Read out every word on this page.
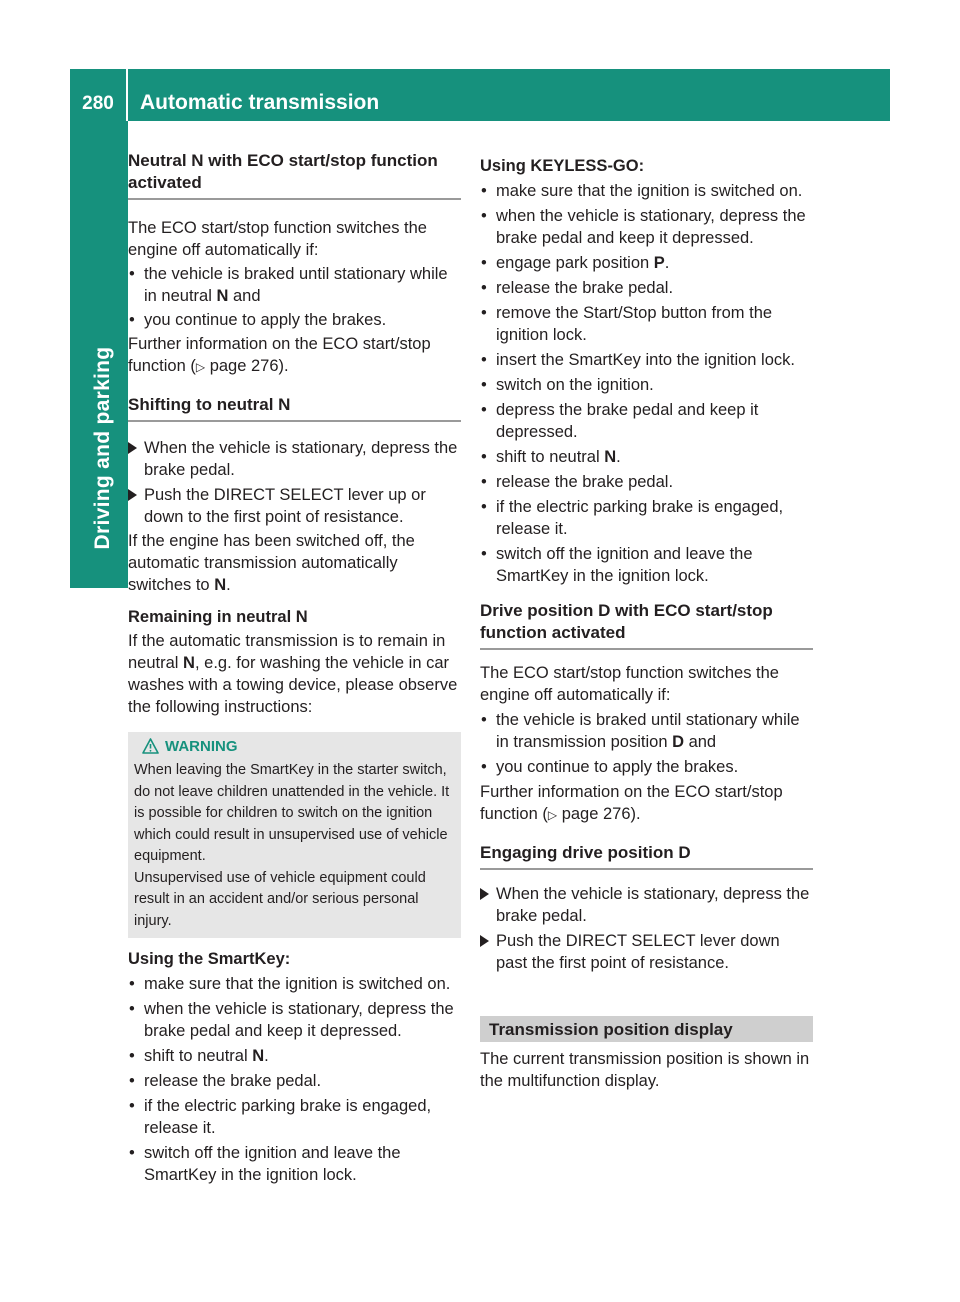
280	Automatic transmission
Driving and parking
Neutral N with ECO start/stop function activated

The ECO start/stop function switches the engine off automatically if:

• the vehicle is braked until stationary while in neutral N and
• you continue to apply the brakes.

Further information on the ECO start/stop function (▷ page 276).

Shifting to neutral N
When the vehicle is stationary, depress the brake pedal.
Push the DIRECT SELECT lever up or down to the first point of resistance.

If the engine has been switched off, the automatic transmission automatically switches to N.

Remaining in neutral N

If the automatic transmission is to remain in neutral N, e.g. for washing the vehicle in car washes with a towing device, please observe the following instructions:

WARNING
When leaving the SmartKey in the starter switch, do not leave children unattended in the vehicle. It is possible for children to switch on the ignition which could result in unsupervised use of vehicle equipment.
Unsupervised use of vehicle equipment could result in an accident and/or serious personal injury.
Using the SmartKey:
• make sure that the ignition is switched on.
• when the vehicle is stationary, depress the brake pedal and keep it depressed.
• shift to neutral N.
• release the brake pedal.
• if the electric parking brake is engaged, release it.
• switch off the ignition and leave the SmartKey in the ignition lock.
Using KEYLESS-GO:
• make sure that the ignition is switched on.
• when the vehicle is stationary, depress the brake pedal and keep it depressed.
• engage park position P.
• release the brake pedal.
• remove the Start/Stop button from the ignition lock.
• insert the SmartKey into the ignition lock.
• switch on the ignition.
• depress the brake pedal and keep it depressed.
• shift to neutral N.
• release the brake pedal.
• if the electric parking brake is engaged, release it.
• switch off the ignition and leave the SmartKey in the ignition lock.
Drive position D with ECO start/stop function activated

The ECO start/stop function switches the engine off automatically if:

• the vehicle is braked until stationary while in transmission position D and
• you continue to apply the brakes.

Further information on the ECO start/stop function (▷ page 276).

Engaging drive position D
When the vehicle is stationary, depress the brake pedal.
Push the DIRECT SELECT lever down past the first point of resistance.
Transmission position display

The current transmission position is shown in the multifunction display.
